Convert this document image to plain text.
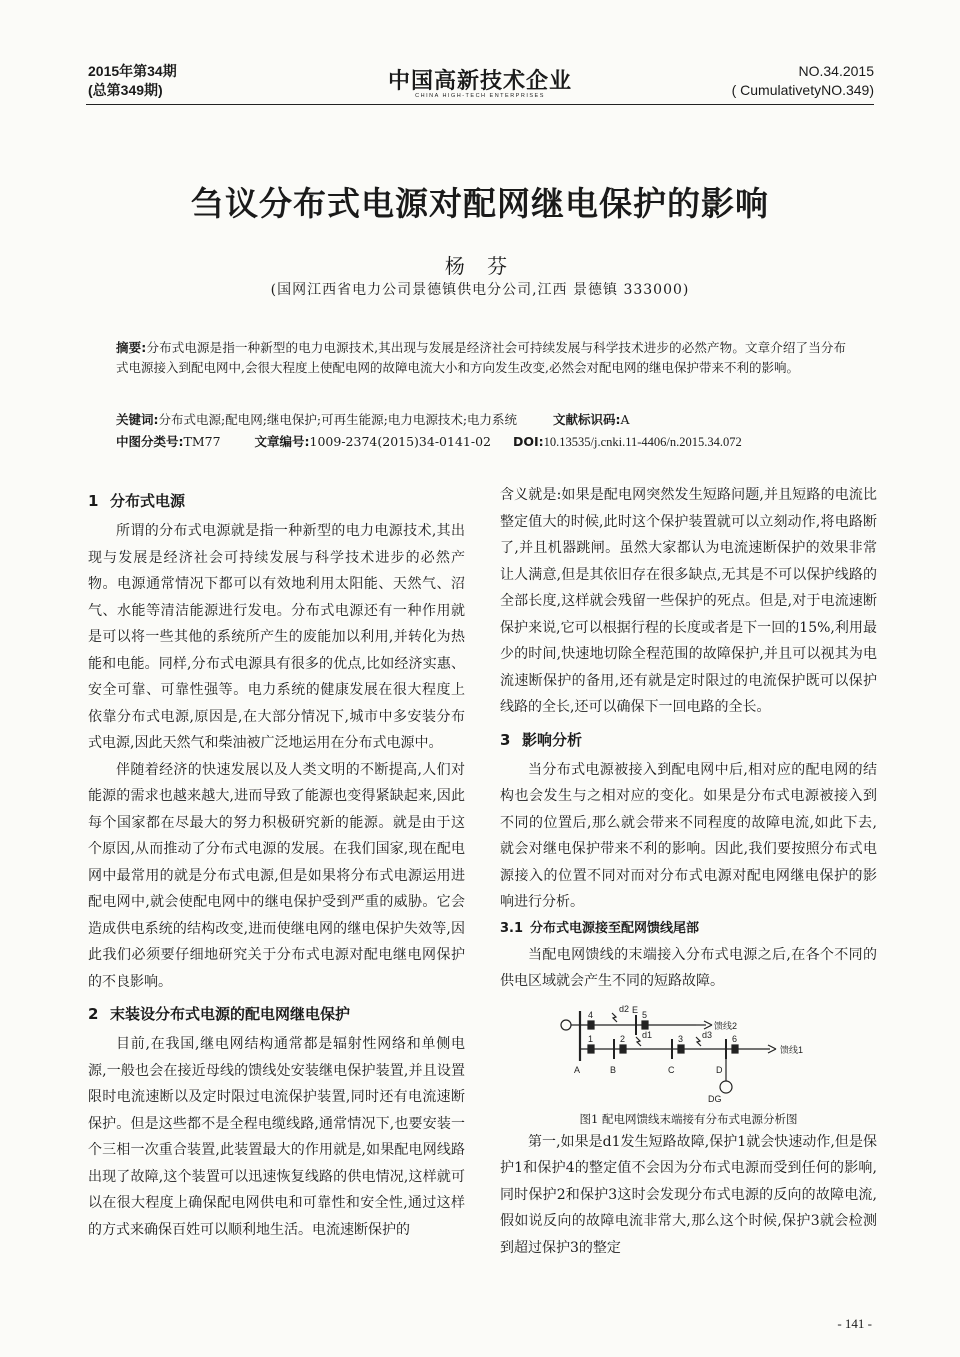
2015年第34期
(总第349期)	中国高新技术企业
CHINA HIGH-TECH ENTERPRISES
NO.34.2015
( CumulativetyNO.349)
刍议分布式电源对配网继电保护的影响
杨 芬
(国网江西省电力公司景德镇供电分公司,江西 景德镇 333000)
摘要:分布式电源是指一种新型的电力电源技术,其出现与发展是经济社会可持续发展与科学技术进步的必然产物。文章介绍了当分布式电源接入到配电网中,会很大程度上使配电网的故障电流大小和方向发生改变,必然会对配电网的继电保护带来不利的影响。
关键词:分布式电源;配电网;继电保护;可再生能源;电力电源技术;电力系统	文献标识码:A
中图分类号:TM77	文章编号:1009-2374(2015)34-0141-02 DOI:10.13535/j.cnki.11-4406/n.2015.34.072
1 分布式电源

所谓的分布式电源就是指一种新型的电力电源技术,其出现与发展是经济社会可持续发展与科学技术进步的必然产物。电源通常情况下都可以有效地利用太阳能、天然气、沼气、水能等清洁能源进行发电。分布式电源还有一种作用就是可以将一些其他的系统所产生的废能加以利用,并转化为热能和电能。同样,分布式电源具有很多的优点,比如经济实惠、安全可靠、可靠性强等。电力系统的健康发展在很大程度上依靠分布式电源,原因是,在大部分情况下,城市中多安装分布式电源,因此天然气和柴油被广泛地运用在分布式电源中。

伴随着经济的快速发展以及人类文明的不断提高,人们对能源的需求也越来越大,进而导致了能源也变得紧缺起来,因此每个国家都在尽最大的努力积极研究新的能源。就是由于这个原因,从而推动了分布式电源的发展。在我们国家,现在配电网中最常用的就是分布式电源,但是如果将分布式电源运用进配电网中,就会使配电网中的继电保护受到严重的威胁。它会造成供电系统的结构改变,进而使继电网的继电保护失效等,因此我们必须要仔细地研究关于分布式电源对配电继电网保护的不良影响。

2 末装设分布式电源的配电网继电保护

目前,在我国,继电网结构通常都是辐射性网络和单侧电源,一般也会在接近母线的馈线处安装继电保护装置,并且设置限时电流速断以及定时限过电流保护装置,同时还有电流速断保护。但是这些都不是全程电缆线路,通常情况下,也要安装一个三相一次重合装置,此装置最大的作用就是,如果配电网线路出现了故障,这个装置可以迅速恢复线路的供电情况,这样就可以在很大程度上确保配电网供电和可靠性和安全性,通过这样的方式来确保百姓可以顺利地生活。电流速断保护的

含义就是:如果是配电网突然发生短路问题,并且短路的电流比整定值大的时候,此时这个保护装置就可以立刻动作,将电路断了,并且机器跳闸。虽然大家都认为电流速断保护的效果非常让人满意,但是其依旧存在很多缺点,无其是不可以保护线路的全部长度,这样就会残留一些保护的死点。但是,对于电流速断保护来说,它可以根据行程的长度或者是下一回的15%,利用最少的时间,快速地切除全程范围的故障保护,并且可以视其为电流速断保护的备用,还有就是定时限过的电流保护既可以保护线路的全长,还可以确保下一回电路的全长。

3 影响分析

当分布式电源被接入到配电网中后,相对应的配电网的结构也会发生与之相对应的变化。如果是分布式电源被接入到不同的位置后,那么就会带来不同程度的故障电流,如此下去,就会对继电保护带来不利的影响。因此,我们要按照分布式电源接入的位置不同对而对分布式电源对配电网继电保护的影响进行分析。

3.1 分布式电源接至配网馈线尾部

当配电网馈线的末端接入分布式电源之后,在各个不同的供电区域就会产生不同的短路故障。

A	B	C	D
E
馈线2
馈线1
DG
d2
d1	d3
4	5
1	2	3	6
图1 配电网馈线末端接有分布式电源分析图

第一,如果是d1发生短路故障,保护1就会快速动作,但是保护1和保护4的整定值不会因为分布式电源而受到任何的影响,同时保护2和保护3这时会发现分布式电源的反向的故障电流,假如说反向的故障电流非常大,那么这个时候,保护3就会检测到超过保护3的整定

- 141 -
